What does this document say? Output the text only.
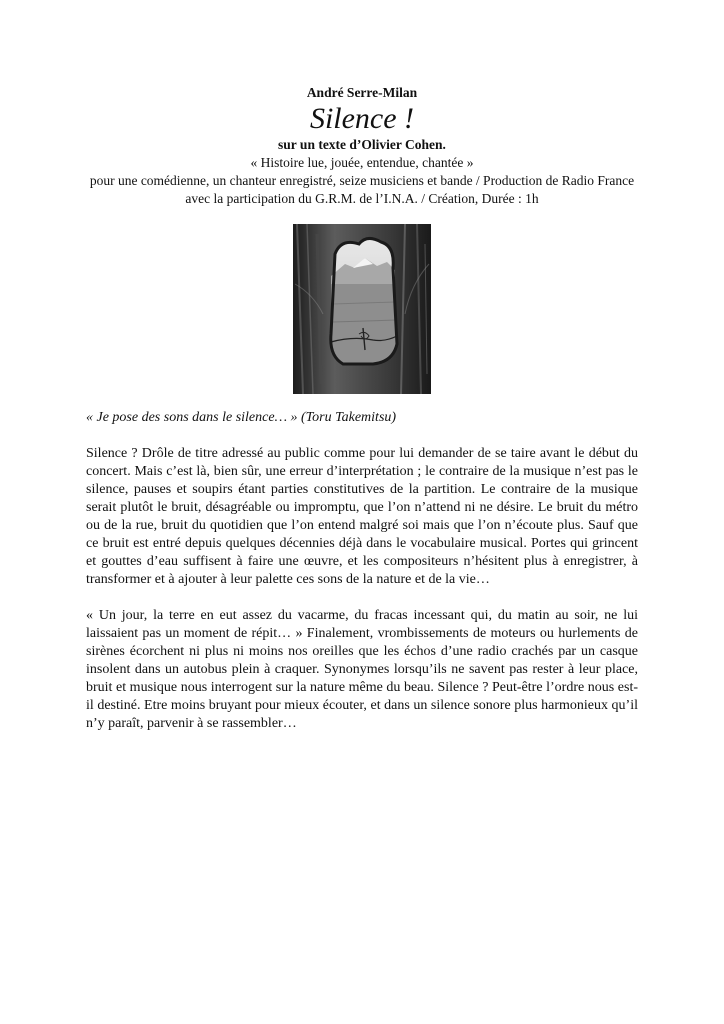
André Serre-Milan

Silence !

sur un texte d’Olivier Cohen.

« Histoire lue, jouée, entendue, chantée »

pour une comédienne, un chanteur enregistré, seize musiciens et bande / Production de Radio France avec la participation du G.R.M. de l’I.N.A. / Création, Durée : 1h

« Je pose des sons dans le silence… » (Toru Takemitsu)

Silence ? Drôle de titre adressé au public comme pour lui demander de se taire avant le début du concert. Mais c’est là, bien sûr, une erreur d’interprétation ; le contraire de la musique n’est pas le silence, pauses et soupirs étant parties constitutives de la partition. Le contraire de la musique serait plutôt le bruit, désagréable ou impromptu, que l’on n’attend ni ne désire. Le bruit du métro ou de la rue, bruit du quotidien que l’on entend malgré soi mais que l’on n’écoute plus. Sauf que ce bruit est entré depuis quelques décennies déjà dans le vocabulaire musical. Portes qui grincent et gouttes d’eau suffisent à faire une œuvre, et les compositeurs n’hésitent plus à enregistrer, à transformer et à ajouter à leur palette ces sons de la nature et de la vie…

« Un jour, la terre en eut assez du vacarme, du fracas incessant qui, du matin au soir, ne lui laissaient pas un moment de répit… » Finalement, vrombissements de moteurs ou hurlements de sirènes écorchent ni plus ni moins nos oreilles que les échos d’une radio crachés par un casque insolent dans un autobus plein à craquer. Synonymes lorsqu’ils ne savent pas rester à leur place, bruit et musique nous interrogent sur la nature même du beau. Silence ? Peut-être l’ordre nous est-il destiné. Etre moins bruyant pour mieux écouter, et dans un silence sonore plus harmonieux qu’il n’y paraît, parvenir à se rassembler…
